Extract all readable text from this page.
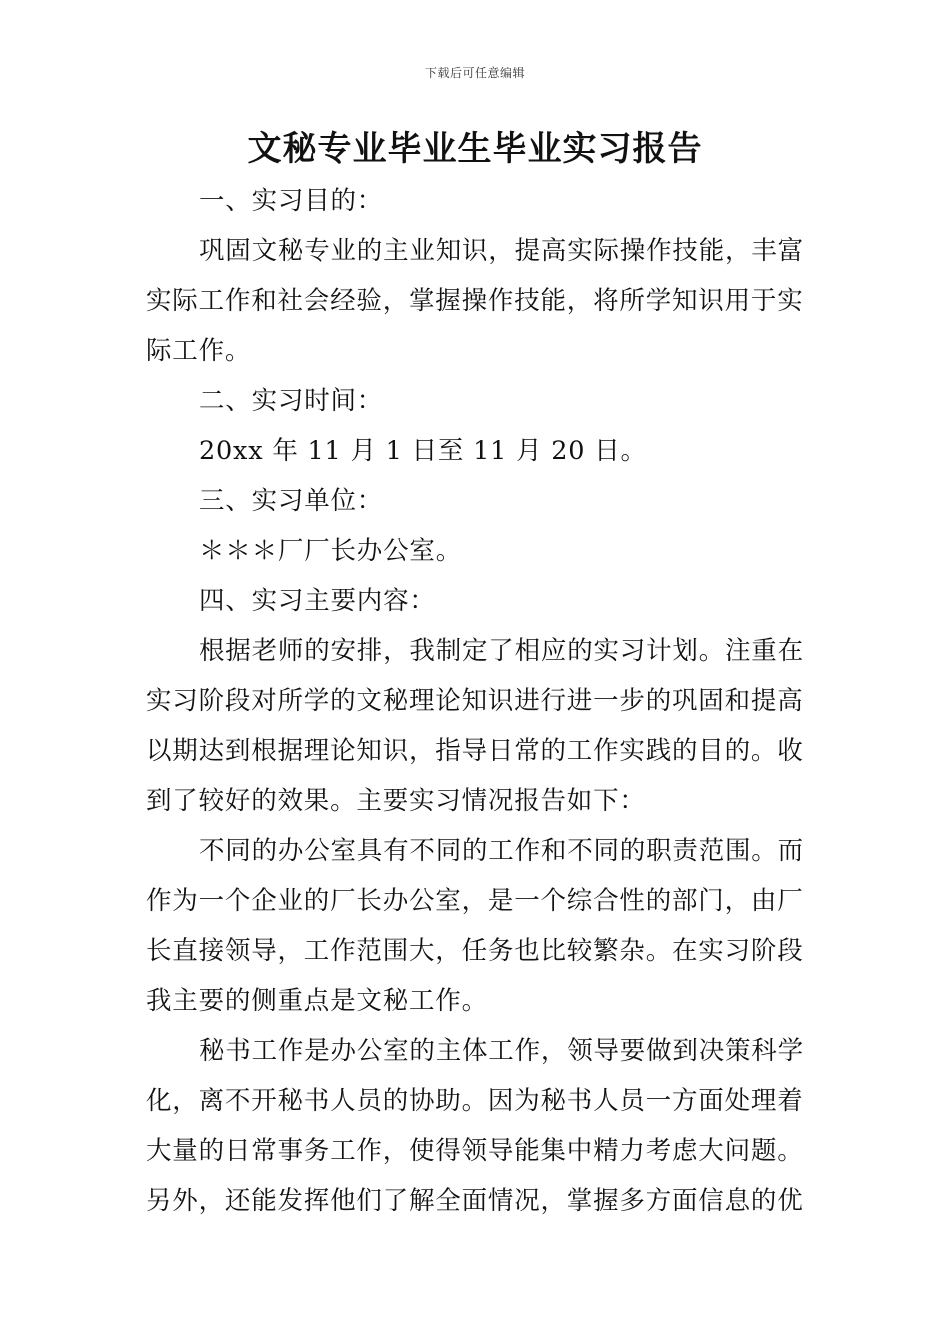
下载后可任意编辑
文秘专业毕业生毕业实习报告
一、实习目的：
巩固文秘专业的主业知识，提高实际操作技能，丰富
实际工作和社会经验，掌握操作技能，将所学知识用于实
际工作。
二、实习时间：
20xx 年 11 月 1 日至 11 月 20 日。
三、实习单位：
＊＊＊厂厂长办公室。
四、实习主要内容：
根据老师的安排，我制定了相应的实习计划。注重在
实习阶段对所学的文秘理论知识进行进一步的巩固和提高
以期达到根据理论知识，指导日常的工作实践的目的。收
到了较好的效果。主要实习情况报告如下：
不同的办公室具有不同的工作和不同的职责范围。而
作为一个企业的厂长办公室，是一个综合性的部门，由厂
长直接领导，工作范围大，任务也比较繁杂。在实习阶段
我主要的侧重点是文秘工作。
秘书工作是办公室的主体工作，领导要做到决策科学
化，离不开秘书人员的协助。因为秘书人员一方面处理着
大量的日常事务工作，使得领导能集中精力考虑大问题。
另外，还能发挥他们了解全面情况，掌握多方面信息的优
